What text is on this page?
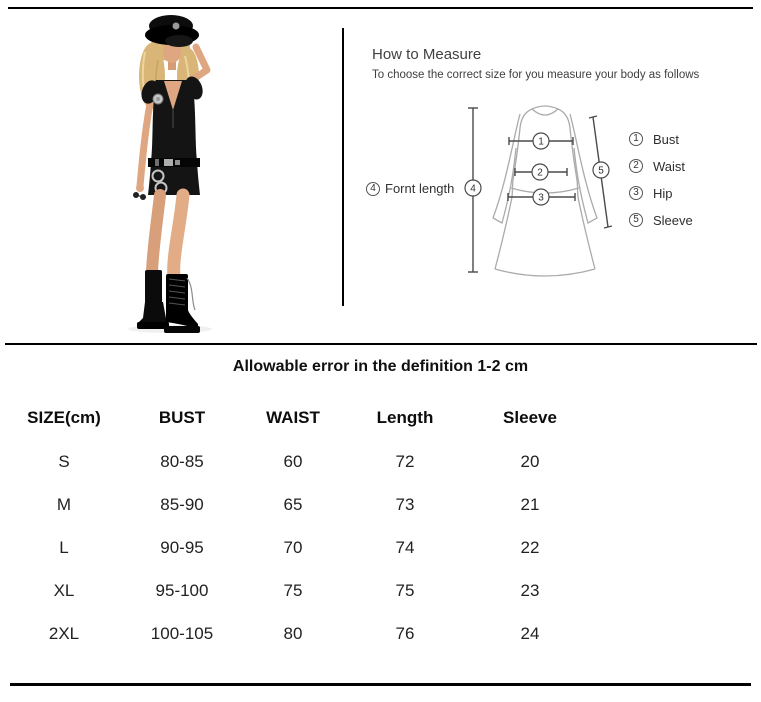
How to Measure
To choose the correct size for you measure your body as follows
4 Fornt length
1
2
3
4
5
1	Bust
2	Waist
3	Hip
5	Sleeve
Allowable error in the definition 1-2 cm
SIZE(cm)	BUST	WAIST	Length	Sleeve
S	80-85	60	72	20
M	85-90	65	73	21
L	90-95	70	74	22
XL	95-100	75	75	23
2XL	100-105	80	76	24
